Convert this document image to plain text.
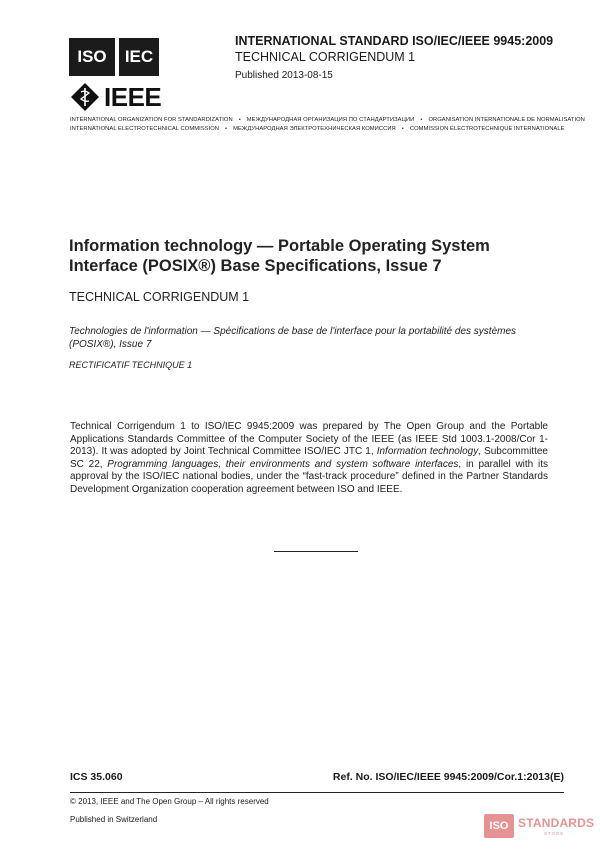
ISO	IEC
IEEE
INTERNATIONAL STANDARD ISO/IEC/IEEE 9945:2009
TECHNICAL CORRIGENDUM 1
Published 2013-08-15
INTERNATIONAL ORGANIZATION FOR STANDARDIZATION • МЕЖДУНАРОДНАЯ ОРГАНИЗАЦИЯ ПО СТАНДАРТИЗАЦИИ • ORGANISATION INTERNATIONALE DE NORMALISATION
INTERNATIONAL ELECTROTECHNICAL COMMISSION • МЕЖДУНАРОДНАЯ ЭЛЕКТРОТЕХНИЧЕСКАЯ КОМИССИЯ • COMMISSION ÉLECTROTECHNIQUE INTERNATIONALE
Information technology — Portable Operating System Interface (POSIX®) Base Specifications, Issue 7
TECHNICAL CORRIGENDUM 1
Technologies de l'information — Spécifications de base de l'interface pour la portabilité des systèmes (POSIX®), Issue 7
RECTIFICATIF TECHNIQUE 1
Technical Corrigendum 1 to ISO/IEC 9945:2009 was prepared by The Open Group and the Portable Applications Standards Committee of the Computer Society of the IEEE (as IEEE Std 1003.1-2008/Cor 1-2013). It was adopted by Joint Technical Committee ISO/IEC JTC 1, Information technology, Subcommittee SC 22, Programming languages, their environments and system software interfaces, in parallel with its approval by the ISO/IEC national bodies, under the “fast-track procedure” defined in the Partner Standards Development Organization cooperation agreement between ISO and IEEE.
ICS 35.060	Ref. No. ISO/IEC/IEEE 9945:2009/Cor.1:2013(E)
© 2013, IEEE and The Open Group – All rights reserved
Published in Switzerland
ISO STANDARDS
STORE
